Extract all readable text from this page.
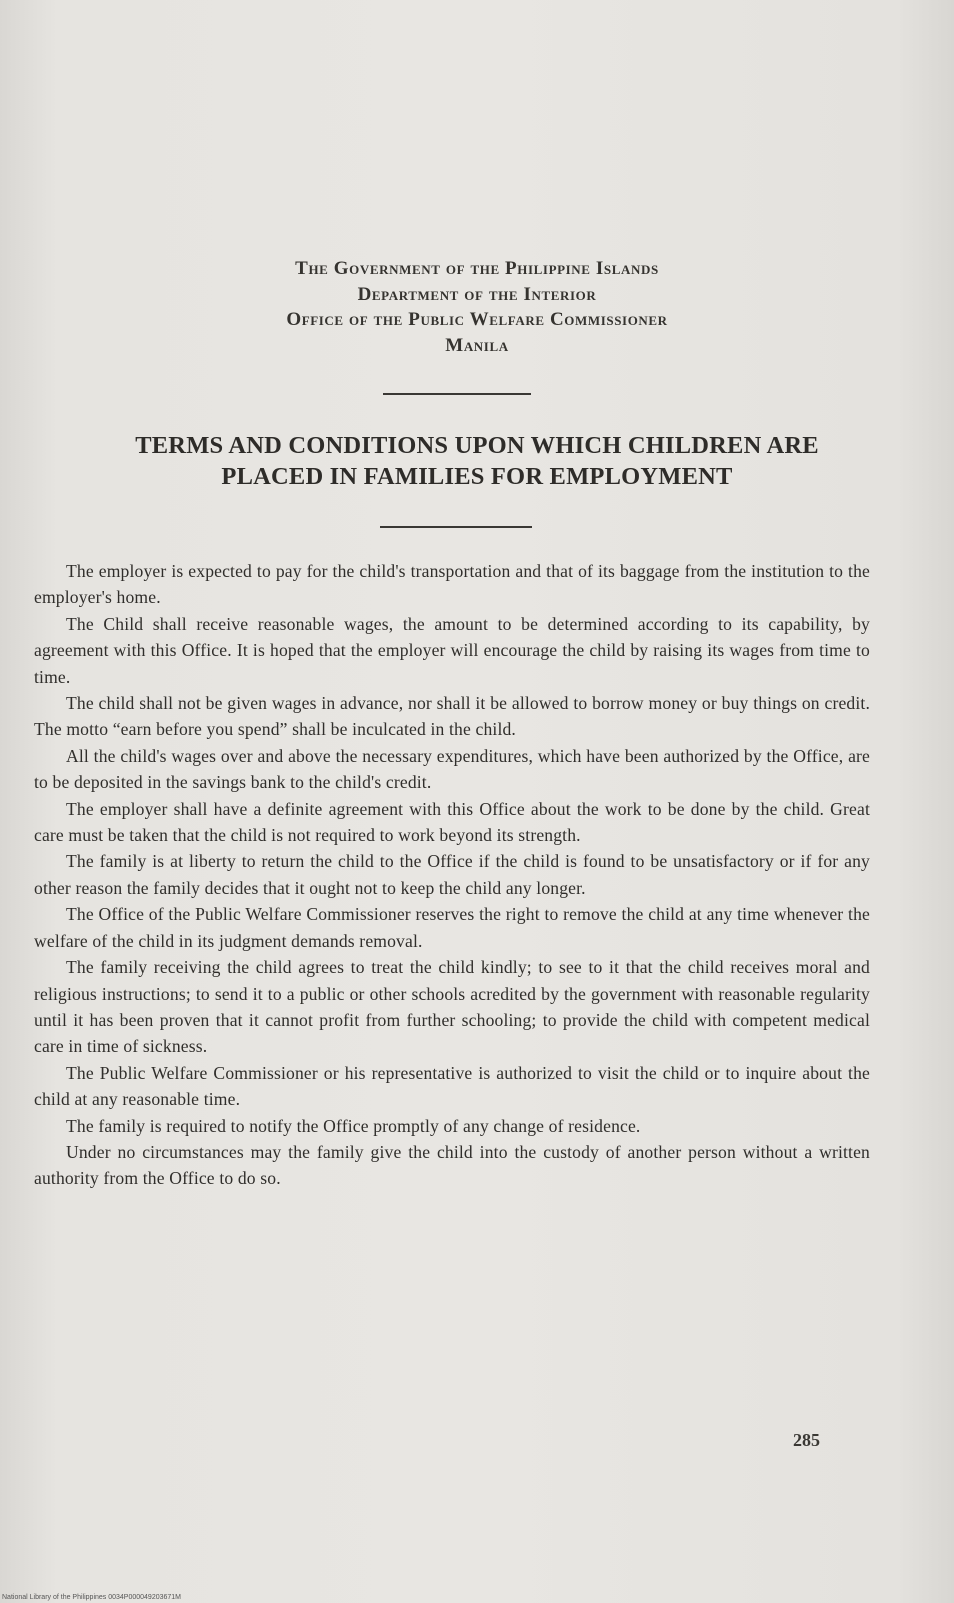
The Government of the Philippine Islands
Department of the Interior
Office of the Public Welfare Commissioner
Manila
TERMS AND CONDITIONS UPON WHICH CHILDREN ARE
PLACED IN FAMILIES FOR EMPLOYMENT

The employer is expected to pay for the child's transportation and that of its baggage from the institution to the employer's home.

The Child shall receive reasonable wages, the amount to be determined according to its capability, by agreement with this Office. It is hoped that the employer will encourage the child by raising its wages from time to time.

The child shall not be given wages in advance, nor shall it be allowed to borrow money or buy things on credit. The motto “earn before you spend” shall be inculcated in the child.

All the child's wages over and above the necessary expenditures, which have been authorized by the Office, are to be deposited in the savings bank to the child's credit.

The employer shall have a definite agreement with this Office about the work to be done by the child. Great care must be taken that the child is not required to work beyond its strength.

The family is at liberty to return the child to the Office if the child is found to be unsatisfactory or if for any other reason the family decides that it ought not to keep the child any longer.

The Office of the Public Welfare Commissioner reserves the right to remove the child at any time whenever the welfare of the child in its judgment demands removal.

The family receiving the child agrees to treat the child kindly; to see to it that the child receives moral and religious instructions; to send it to a public or other schools acredited by the government with reasonable regularity until it has been proven that it cannot profit from further schooling; to provide the child with competent medical care in time of sickness.

The Public Welfare Commissioner or his representative is authorized to visit the child or to inquire about the child at any reasonable time.

The family is required to notify the Office promptly of any change of residence.

Under no circumstances may the family give the child into the custody of another person without a written authority from the Office to do so.

285
National Library of the Philippines 0034P000049203671M
